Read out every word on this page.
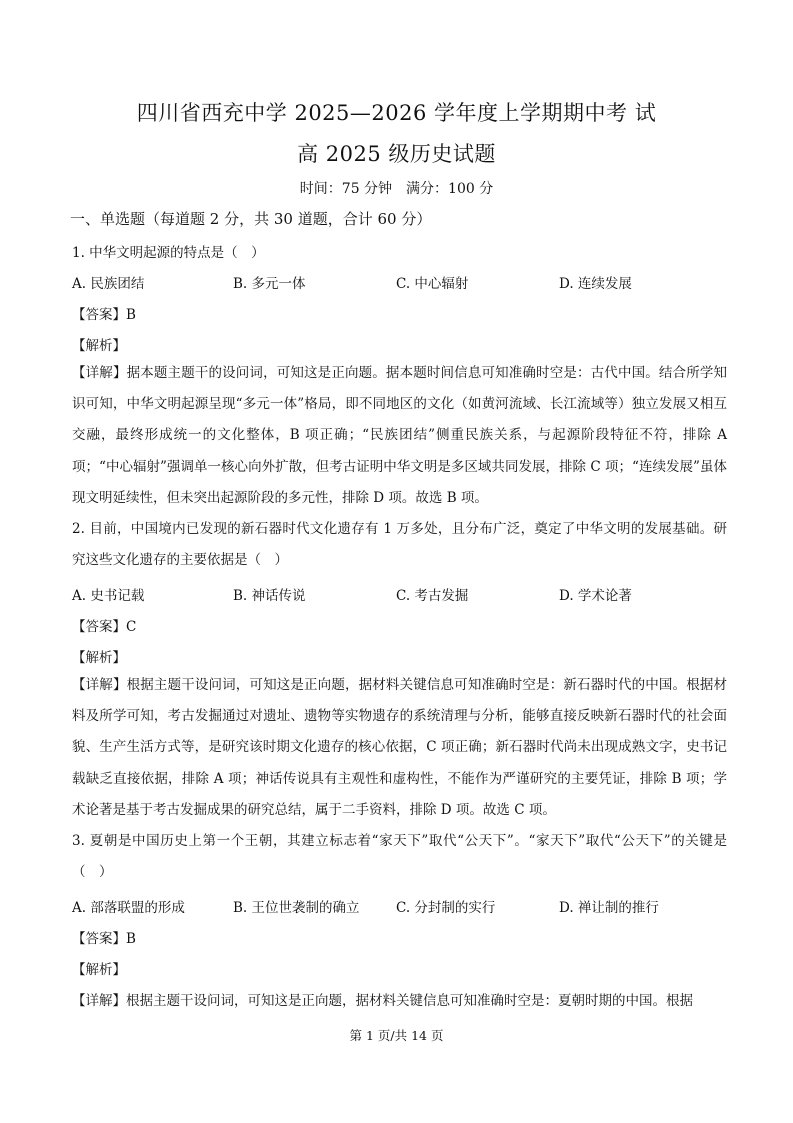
四川省西充中学 2025—2026 学年度上学期期中考 试
高 2025 级历史试题
时间：75 分钟 满分：100 分
一、单选题（每道题 2 分，共 30 道题，合计 60 分）
1. 中华文明起源的特点是（　）
A. 民族团结	B. 多元一体	C. 中心辐射	D. 连续发展
【答案】B
【解析】
【详解】据本题主题干的设问词，可知这是正向题。据本题时间信息可知准确时空是：古代中国。结合所学知识可知，中华文明起源呈现“多元一体”格局，即不同地区的文化（如黄河流域、长江流域等）独立发展又相互交融，最终形成统一的文化整体，B 项正确；“民族团结”侧重民族关系，与起源阶段特征不符，排除 A 项；“中心辐射”强调单一核心向外扩散，但考古证明中华文明是多区域共同发展，排除 C 项；“连续发展”虽体现文明延续性，但未突出起源阶段的多元性，排除 D 项。故选 B 项。
2. 目前，中国境内已发现的新石器时代文化遗存有 1 万多处，且分布广泛，奠定了中华文明的发展基础。研究这些文化遗存的主要依据是（　）
A. 史书记载	B. 神话传说	C. 考古发掘	D. 学术论著
【答案】C
【解析】
【详解】根据主题干设问词，可知这是正向题，据材料关键信息可知准确时空是：新石器时代的中国。根据材料及所学可知，考古发掘通过对遗址、遗物等实物遗存的系统清理与分析，能够直接反映新石器时代的社会面貌、生产生活方式等，是研究该时期文化遗存的核心依据，C 项正确；新石器时代尚未出现成熟文字，史书记载缺乏直接依据，排除 A 项；神话传说具有主观性和虚构性，不能作为严谨研究的主要凭证，排除 B 项；学术论著是基于考古发掘成果的研究总结，属于二手资料，排除 D 项。故选 C 项。
3. 夏朝是中国历史上第一个王朝，其建立标志着“家天下”取代“公天下”。“家天下”取代“公天下”的关键是（　）
A. 部落联盟的形成	B. 王位世袭制的确立	C. 分封制的实行	D. 禅让制的推行
【答案】B
【解析】
【详解】根据主题干设问词，可知这是正向题，据材料关键信息可知准确时空是：夏朝时期的中国。根据
第 1 页/共 14 页
